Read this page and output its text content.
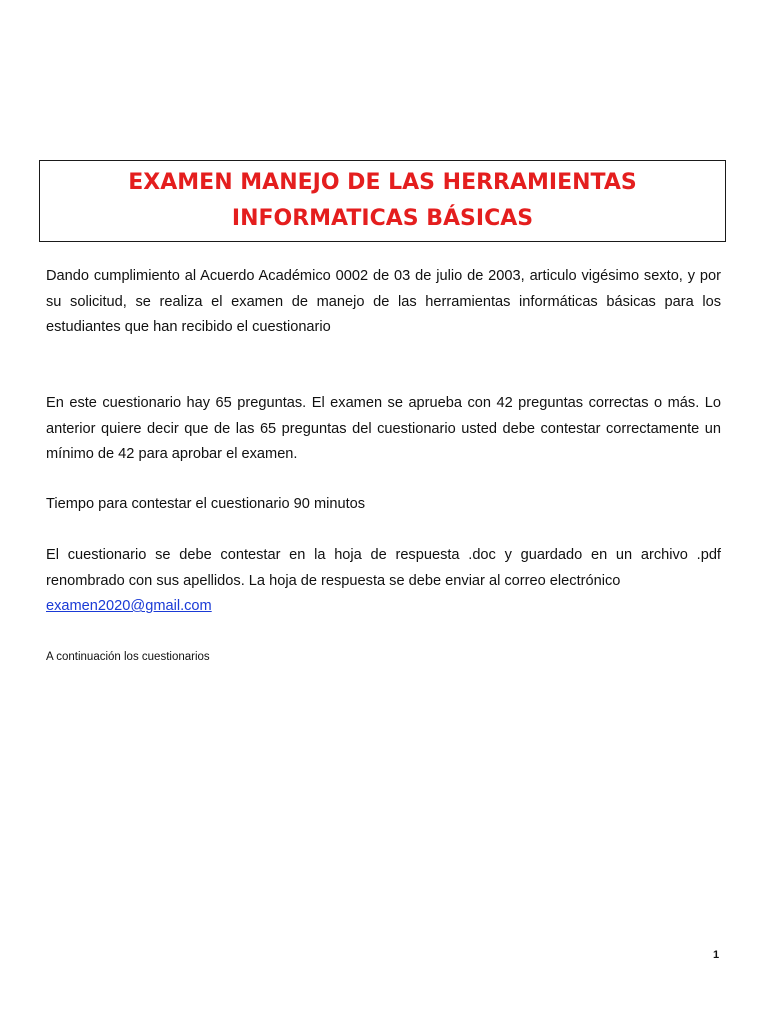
EXAMEN MANEJO DE LAS HERRAMIENTAS
INFORMATICAS BÁSICAS

Dando cumplimiento al Acuerdo Académico 0002 de 03 de julio de 2003, articulo vigésimo sexto, y por su solicitud, se realiza el examen de manejo de las herramientas informáticas básicas para los estudiantes que han recibido el cuestionario

En este cuestionario hay 65 preguntas. El examen se aprueba con 42 preguntas correctas o más. Lo anterior quiere decir que de las 65 preguntas del cuestionario usted debe contestar correctamente un mínimo de 42 para aprobar el examen.

Tiempo para contestar el cuestionario 90 minutos

El cuestionario se debe contestar en la hoja de respuesta .doc y guardado en un archivo .pdf renombrado con sus apellidos. La hoja de respuesta se debe enviar al correo electrónico
examen2020@gmail.com

A continuación los cuestionarios

1
